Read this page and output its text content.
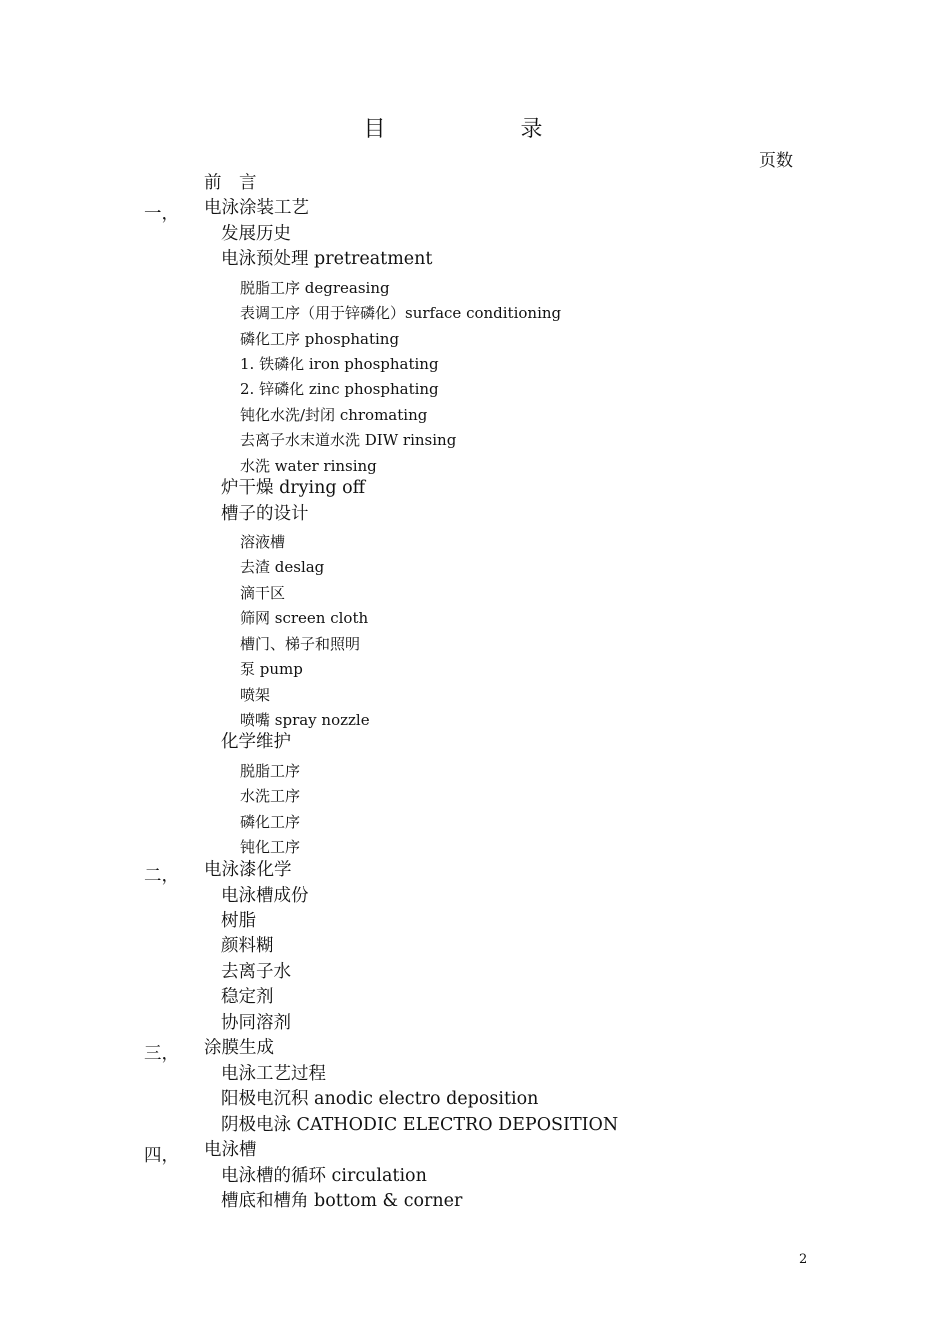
目 录
页数
前　言
一， 电泳涂装工艺
发展历史
电泳预处理 pretreatment
脱脂工序 degreasing
表调工序（用于锌磷化）surface conditioning
磷化工序 phosphating
1. 铁磷化 iron phosphating
2. 锌磷化 zinc phosphating
钝化水洗/封闭 chromating
去离子水末道水洗 DIW rinsing
水洗 water rinsing
炉干燥 drying off
槽子的设计
溶液槽
去渣 deslag
滴干区
筛网 screen cloth
槽门、梯子和照明
泵 pump
喷架
喷嘴 spray nozzle
化学维护
脱脂工序
水洗工序
磷化工序
钝化工序
二， 电泳漆化学
电泳槽成份
树脂
颜料糊
去离子水
稳定剂
协同溶剂
三， 涂膜生成
电泳工艺过程
阳极电沉积 anodic electro deposition
阴极电泳 CATHODIC ELECTRO DEPOSITION
四， 电泳槽
电泳槽的循环 circulation
槽底和槽角 bottom & corner
2
